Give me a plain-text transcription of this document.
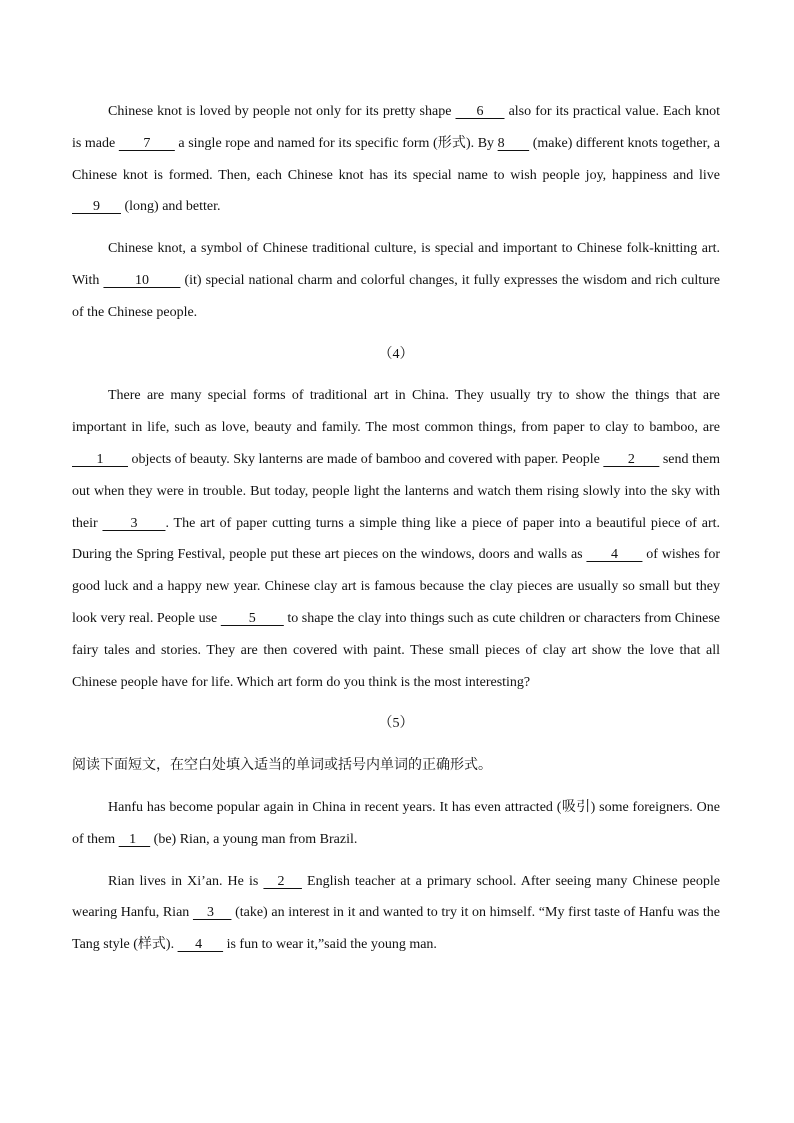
Chinese knot is loved by people not only for its pretty shape       6       also for its practical value. Each knot is made        7        a single rope and named for its specific form (形式). By 8        (make) different knots together, a Chinese knot is formed. Then, each Chinese knot has its special name to wish people joy, happiness and live       9       (long) and better.

Chinese knot, a symbol of Chinese traditional culture, is special and important to Chinese folk-knitting art. With          10          (it) special national charm and colorful changes, it fully expresses the wisdom and rich culture of the Chinese people.

（4）

There are many special forms of traditional art in China. They usually try to show the things that are important in life, such as love, beauty and family. The most common things, from paper to clay to bamboo, are        1        objects of beauty. Sky lanterns are made of bamboo and covered with paper. People        2        send them out when they were in trouble. But today, people light the lanterns and watch them rising slowly into the sky with their         3        . The art of paper cutting turns a simple thing like a piece of paper into a beautiful piece of art. During the Spring Festival, people put these art pieces on the windows, doors and walls as        4        of wishes for good luck and a happy new year. Chinese clay art is famous because the clay pieces are usually so small but they look very real. People use         5         to shape the clay into things such as cute children or characters from Chinese fairy tales and stories. They are then covered with paint. These small pieces of clay art show the love that all Chinese people have for life. Which art form do you think is the most interesting?

（5）

阅读下面短文，在空白处填入适当的单词或括号内单词的正确形式。

Hanfu has become popular again in China in recent years. It has even attracted (吸引) some foreigners. One of them    1     (be) Rian, a young man from Brazil.

Rian lives in Xi’an. He is     2      English teacher at a primary school. After seeing many Chinese people wearing Hanfu, Rian     3      (take) an interest in it and wanted to try it on himself. “My first taste of Hanfu was the Tang style (样式).      4       is fun to wear it,”said the young man.
